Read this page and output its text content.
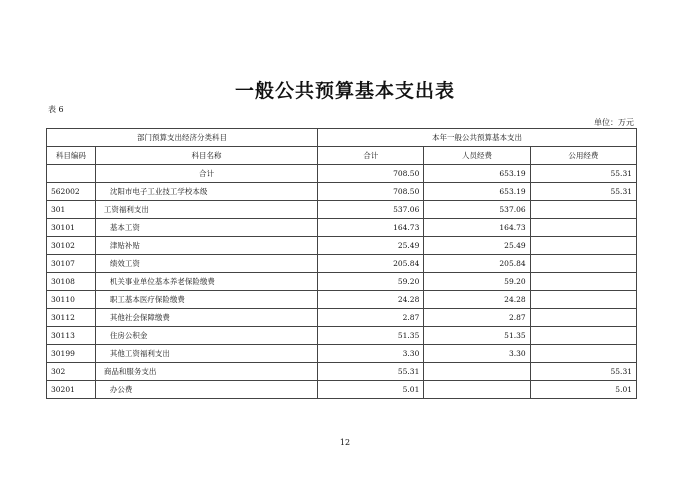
一般公共预算基本支出表
表 6
单位：万元
部门预算支出经济分类科目		本年一般公共预算基本支出		
科目编码	科目名称	合计	人员经费	公用经费
	合计	708.50	653.19	55.31
562002	沈阳市电子工业技工学校本级	708.50	653.19	55.31
301	工资福利支出	537.06	537.06	
30101	基本工资	164.73	164.73	
30102	津贴补贴	25.49	25.49	
30107	绩效工资	205.84	205.84	
30108	机关事业单位基本养老保险缴费	59.20	59.20	
30110	职工基本医疗保险缴费	24.28	24.28	
30112	其他社会保障缴费	2.87	2.87	
30113	住房公积金	51.35	51.35	
30199	其他工资福利支出	3.30	3.30	
302	商品和服务支出	55.31		55.31
30201	办公费	5.01		5.01
12
